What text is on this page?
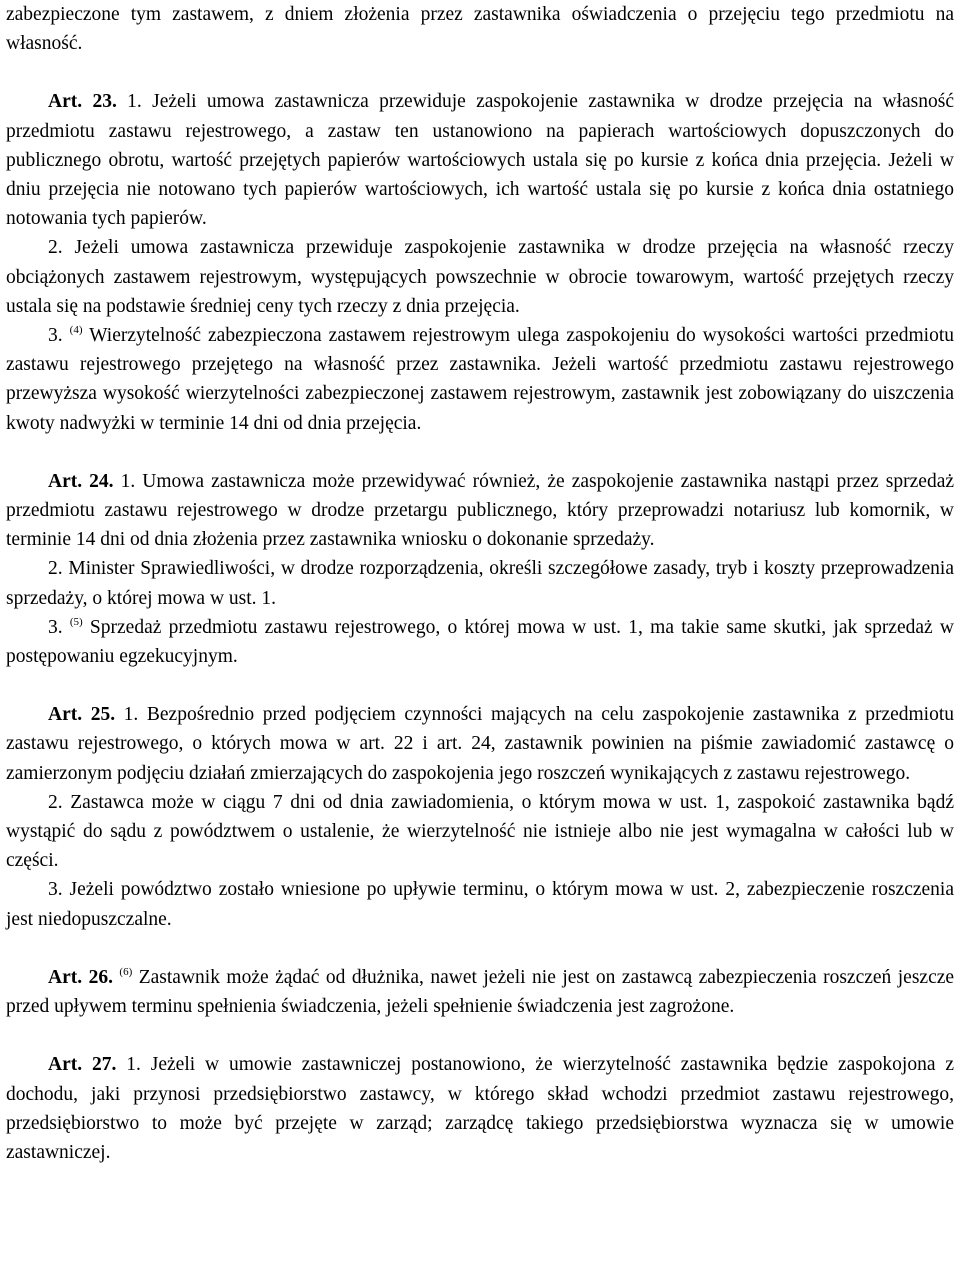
zabezpieczone tym zastawem, z dniem złożenia przez zastawnika oświadczenia o przejęciu tego przedmiotu na własność.

Art. 23. 1. Jeżeli umowa zastawnicza przewiduje zaspokojenie zastawnika w drodze przejęcia na własność przedmiotu zastawu rejestrowego, a zastaw ten ustanowiono na papierach wartościowych dopuszczonych do publicznego obrotu, wartość przejętych papierów wartościowych ustala się po kursie z końca dnia przejęcia. Jeżeli w dniu przejęcia nie notowano tych papierów wartościowych, ich wartość ustala się po kursie z końca dnia ostatniego notowania tych papierów.

2. Jeżeli umowa zastawnicza przewiduje zaspokojenie zastawnika w drodze przejęcia na własność rzeczy obciążonych zastawem rejestrowym, występujących powszechnie w obrocie towarowym, wartość przejętych rzeczy ustala się na podstawie średniej ceny tych rzeczy z dnia przejęcia.

3. $^{(4)}$ Wierzytelność zabezpieczona zastawem rejestrowym ulega zaspokojeniu do wysokości wartości przedmiotu zastawu rejestrowego przejętego na własność przez zastawnika. Jeżeli wartość przedmiotu zastawu rejestrowego przewyższa wysokość wierzytelności zabezpieczonej zastawem rejestrowym, zastawnik jest zobowiązany do uiszczenia kwoty nadwyżki w terminie 14 dni od dnia przejęcia.

Art. 24. 1. Umowa zastawnicza może przewidywać również, że zaspokojenie zastawnika nastąpi przez sprzedaż przedmiotu zastawu rejestrowego w drodze przetargu publicznego, który przeprowadzi notariusz lub komornik, w terminie 14 dni od dnia złożenia przez zastawnika wniosku o dokonanie sprzedaży.

2. Minister Sprawiedliwości, w drodze rozporządzenia, określi szczegółowe zasady, tryb i koszty przeprowadzenia sprzedaży, o której mowa w ust. 1.

3. $^{(5)}$ Sprzedaż przedmiotu zastawu rejestrowego, o której mowa w ust. 1, ma takie same skutki, jak sprzedaż w postępowaniu egzekucyjnym.

Art. 25. 1. Bezpośrednio przed podjęciem czynności mających na celu zaspokojenie zastawnika z przedmiotu zastawu rejestrowego, o których mowa w art. 22 i art. 24, zastawnik powinien na piśmie zawiadomić zastawcę o zamierzonym podjęciu działań zmierzających do zaspokojenia jego roszczeń wynikających z zastawu rejestrowego.

2. Zastawca może w ciągu 7 dni od dnia zawiadomienia, o którym mowa w ust. 1, zaspokoić zastawnika bądź wystąpić do sądu z powództwem o ustalenie, że wierzytelność nie istnieje albo nie jest wymagalna w całości lub w części.

3. Jeżeli powództwo zostało wniesione po upływie terminu, o którym mowa w ust. 2, zabezpieczenie roszczenia jest niedopuszczalne.

Art. 26. $^{(6)}$ Zastawnik może żądać od dłużnika, nawet jeżeli nie jest on zastawcą zabezpieczenia roszczeń jeszcze przed upływem terminu spełnienia świadczenia, jeżeli spełnienie świadczenia jest zagrożone.

Art. 27. 1. Jeżeli w umowie zastawniczej postanowiono, że wierzytelność zastawnika będzie zaspokojona z dochodu, jaki przynosi przedsiębiorstwo zastawcy, w którego skład wchodzi przedmiot zastawu rejestrowego, przedsiębiorstwo to może być przejęte w zarząd; zarządcę takiego przedsiębiorstwa wyznacza się w umowie zastawniczej.
